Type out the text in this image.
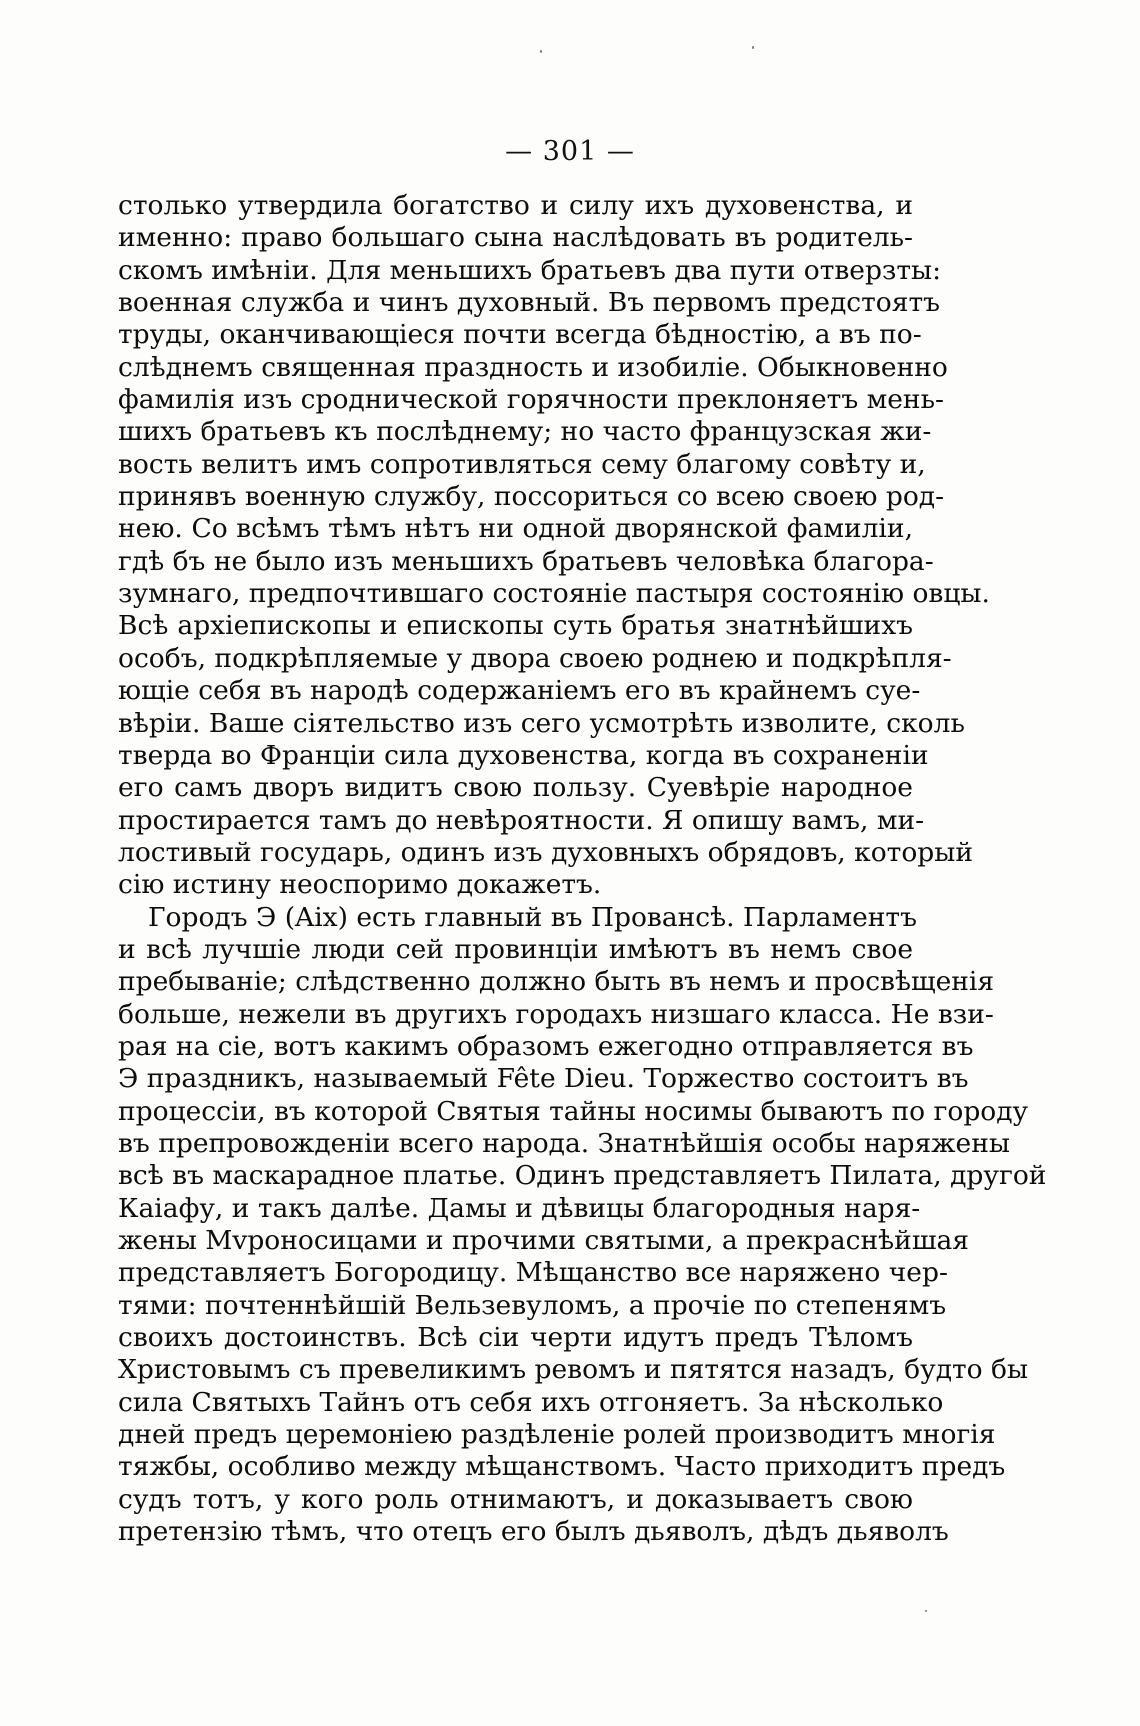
— 301 —
столько утвердила богатство и силу ихъ духовенства, и
именно: право большаго сына наслѣдовать въ родитель-
скомъ имѣніи. Для меньшихъ братьевъ два пути отверзты:
военная служба и чинъ духовный. Въ первомъ предстоятъ
труды, оканчивающіеся почти всегда бѣдностію, а въ по-
слѣднемъ священная праздность и изобиліе. Обыкновенно
фамилія изъ сроднической горячности преклоняетъ мень-
шихъ братьевъ къ послѣднему; но часто французская жи-
вость велитъ имъ сопротивляться сему благому совѣту и,
принявъ военную службу, поссориться со всею своею род-
нею. Со всѣмъ тѣмъ нѣтъ ни одной дворянской фамиліи,
гдѣ бъ не было изъ меньшихъ братьевъ человѣка благора-
зумнаго, предпочтившаго состояніе пастыря состоянію овцы.
Всѣ архіепископы и епископы суть братья знатнѣйшихъ
особъ, подкрѣпляемые у двора своею роднею и подкрѣпля-
ющіе себя въ народѣ содержаніемъ его въ крайнемъ суе-
вѣріи. Ваше сіятельство изъ сего усмотрѣть изволите, сколь
тверда во Франціи сила духовенства, когда въ сохраненіи
его самъ дворъ видитъ свою пользу. Суевѣріе народное
простирается тамъ до невѣроятности. Я опишу вамъ, ми-
лостивый государь, одинъ изъ духовныхъ обрядовъ, который
сію истину неоспоримо докажетъ.
Городъ Э (Aix) есть главный въ Провансѣ. Парламентъ
и всѣ лучшіе люди сей провинціи имѣютъ въ немъ свое
пребываніе; слѣдственно должно быть въ немъ и просвѣщенія
больше, нежели въ другихъ городахъ низшаго класса. Не взи-
рая на сіе, вотъ какимъ образомъ ежегодно отправляется въ
Э праздникъ, называемый Fête Dieu. Торжество состоитъ въ
процессіи, въ которой Святыя тайны носимы бываютъ по городу
въ препровожденіи всего народа. Знатнѣйшія особы наряжены
всѣ въ маскарадное платье. Одинъ представляетъ Пилата, другой
Каіафу, и такъ далѣе. Дамы и дѣвицы благородныя наря-
жены Мvроносицами и прочими святыми, а прекраснѣйшая
представляетъ Богородицу. Мѣщанство все наряжено чер-
тями: почтеннѣйшій Вельзевуломъ, а прочіе по степенямъ
своихъ достоинствъ. Всѣ сіи черти идутъ предъ Тѣломъ
Христовымъ съ превеликимъ ревомъ и пятятся назадъ, будто бы
сила Святыхъ Тайнъ отъ себя ихъ отгоняетъ. За нѣсколько
дней предъ церемоніею раздѣленіе ролей производитъ многія
тяжбы, особливо между мѣщанствомъ. Часто приходитъ предъ
судъ тотъ, у кого роль отнимаютъ, и доказываетъ свою
претензію тѣмъ, что отецъ его былъ дьяволъ, дѣдъ дьяволъ
